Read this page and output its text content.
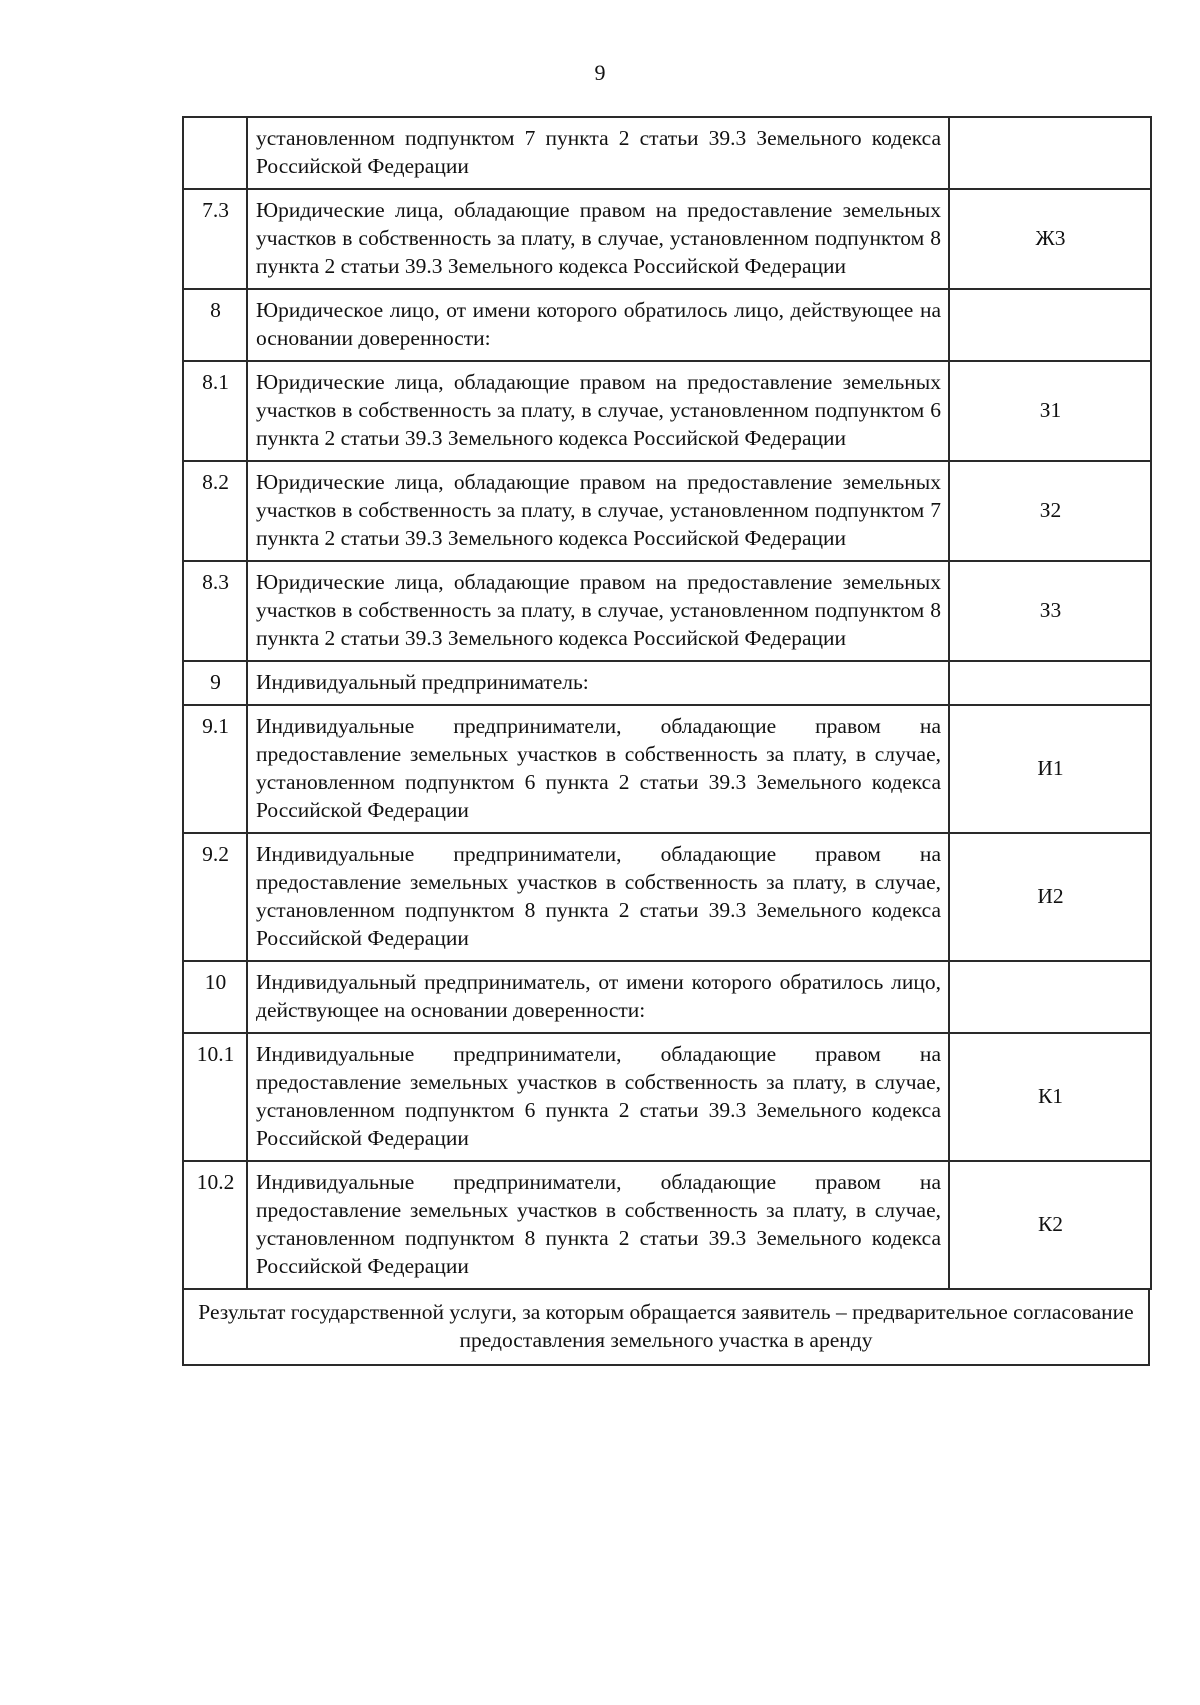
9
	установленном подпунктом 7 пункта 2 статьи 39.3 Земельного кодекса Российской Федерации	
7.3	Юридические лица, обладающие правом на предоставление земельных участков в собственность за плату, в случае, установленном подпунктом 8 пункта 2 статьи 39.3 Земельного кодекса Российской Федерации	Ж3
8	Юридическое лицо, от имени которого обратилось лицо, действующее на основании доверенности:	
8.1	Юридические лица, обладающие правом на предоставление земельных участков в собственность за плату, в случае, установленном подпунктом 6 пункта 2 статьи 39.3 Земельного кодекса Российской Федерации	З1
8.2	Юридические лица, обладающие правом на предоставление земельных участков в собственность за плату, в случае, установленном подпунктом 7 пункта 2 статьи 39.3 Земельного кодекса Российской Федерации	З2
8.3	Юридические лица, обладающие правом на предоставление земельных участков в собственность за плату, в случае, установленном подпунктом 8 пункта 2 статьи 39.3 Земельного кодекса Российской Федерации	З3
9	Индивидуальный предприниматель:	
9.1	Индивидуальные предприниматели, обладающие правом на предоставление земельных участков в собственность за плату, в случае, установленном подпунктом 6 пункта 2 статьи 39.3 Земельного кодекса Российской Федерации	И1
9.2	Индивидуальные предприниматели, обладающие правом на предоставление земельных участков в собственность за плату, в случае, установленном подпунктом 8 пункта 2 статьи 39.3 Земельного кодекса Российской Федерации	И2
10	Индивидуальный предприниматель, от имени которого обратилось лицо, действующее на основании доверенности:	
10.1	Индивидуальные предприниматели, обладающие правом на предоставление земельных участков в собственность за плату, в случае, установленном подпунктом 6 пункта 2 статьи 39.3 Земельного кодекса Российской Федерации	К1
10.2	Индивидуальные предприниматели, обладающие правом на предоставление земельных участков в собственность за плату, в случае, установленном подпунктом 8 пункта 2 статьи 39.3 Земельного кодекса Российской Федерации	К2
Результат государственной услуги, за которым обращается заявитель – предварительное согласование предоставления земельного участка в аренду
